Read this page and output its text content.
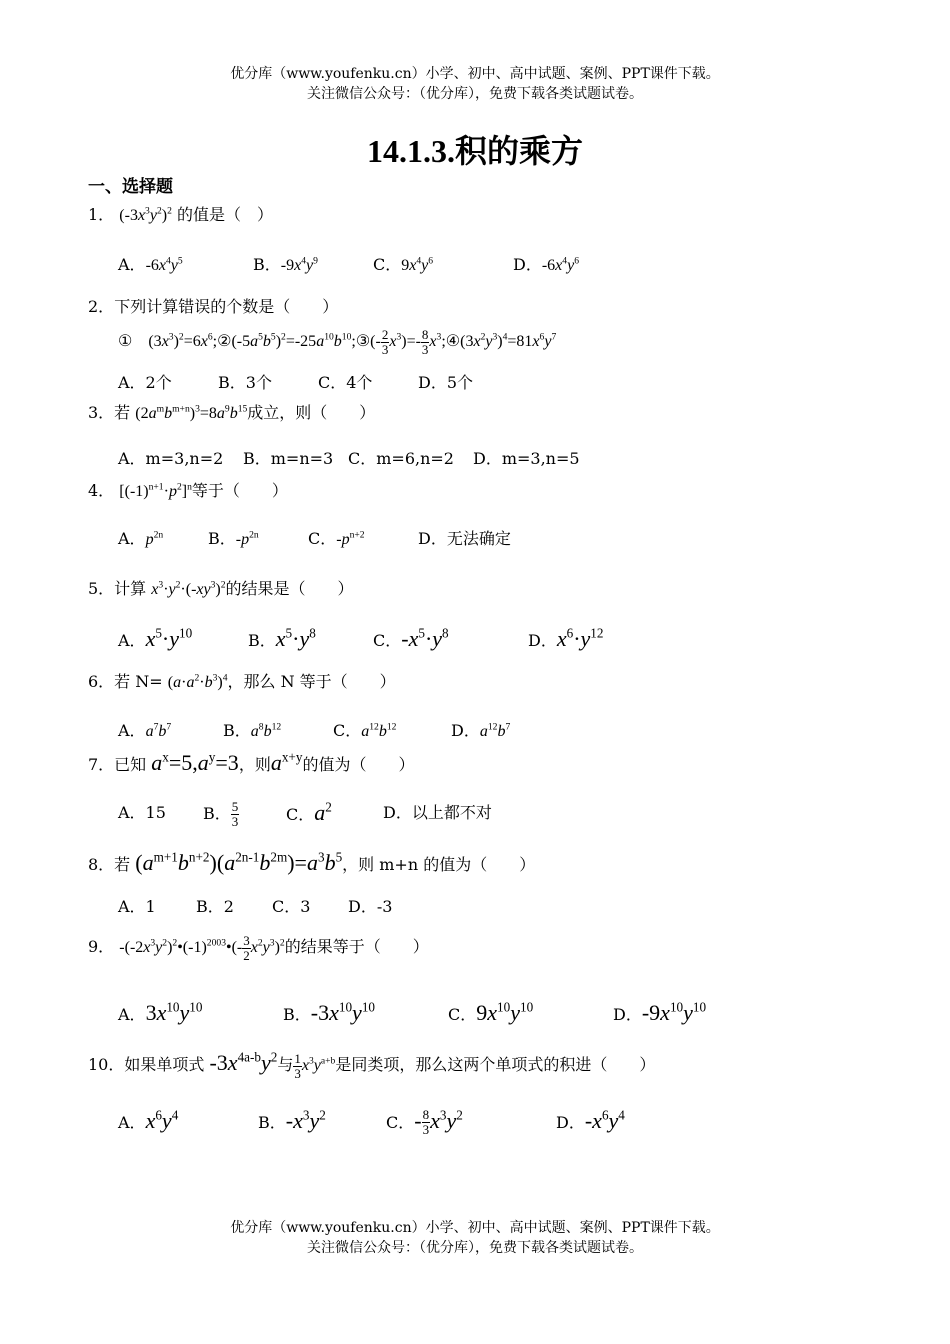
优分库（www.youfenku.cn）小学、初中、高中试题、案例、PPT课件下载。
关注微信公众号：（优分库），免费下载各类试题试卷。
14.1.3.积的乘方
一、选择题
1． $(-3x^3y^2)^2$ 的值是（　）
A．$-6x^4y^5$	B．$-9x^4y^9$	C．$9x^4y^6$	D．$-6x^4y^6$
2．下列计算错误的个数是（　　）
①　$(3x^3)^2=6x^6;②(-5a^5b^5)^2=-25a^{10}b^{10};③(- \frac{2}{3} x^3)=- \frac{8}{3}$ $x^3;④(3x^2y^3)^4=81x^6y^7$
A．2个	B．3个	C．4个	D．5个
3．若 $(2a^mb^{m+n})^3=8a^9b^{15}$成立，则（　　）
A．m=3,n=2 B．m=n=3 C．m=6,n=2 D．m=3,n=5
4． $[(-1)^{n+1}\cdot p^2]^n$等于（　　）
A．$p^{2n}$	B．$-p^{2n}$	C．$-p^{n+2}$	D．无法确定
5．计算 $x^3\cdot y^2\cdot(-xy^3)^2$的结果是（　　）
A．$x^5\cdot y^{10}$	B．$x^5\cdot y^8$	C．$-x^5\cdot y^8$	D．$x^6\cdot y^{12}$
6．若 $N= (a\cdot a^2\cdot b^3)^4$，那么 N 等于（　　）
A．$a^7b^7$	B．$a^8b^{12}$	C．$a^{12}b^{12}$	D．$a^{12}b^7$
7．已知 $a^x=5,a^y=3$，则$a^{x+y}$的值为（　　）
A．15 B． $\frac{5}{3}$	C．$a^2$	D．以上都不对
8．若 $(a^{m+1}b^{n+2})(a^{2n-1}b^{2m})=a^3b^5$，则 m+n 的值为（　　）
A．1	B．2 C．3 D．-3
9． $-(-2x^3y^2)^2•(-1)^{2003}•(- \frac{3}{2} x^2y^3)^2$的结果等于（　　）
A．$3x^{10}y^{10}$	B．$-3x^{10}y^{10}$	C．$9x^{10}y^{10}$	D．$-9x^{10}y^{10}$
10．如果单项式 $-3x^{4a-b}y^2$与 $\frac{1}{3} x^3y^{a+b}$是同类项，那么这两个单项式的积进（　　）
A．$x^6y^4$	B．$-x^3y^2$	C．- $\frac{8}{3} x^3y^2$	D．$-x^6y^4$
优分库（www.youfenku.cn）小学、初中、高中试题、案例、PPT课件下载。
关注微信公众号：（优分库），免费下载各类试题试卷。
